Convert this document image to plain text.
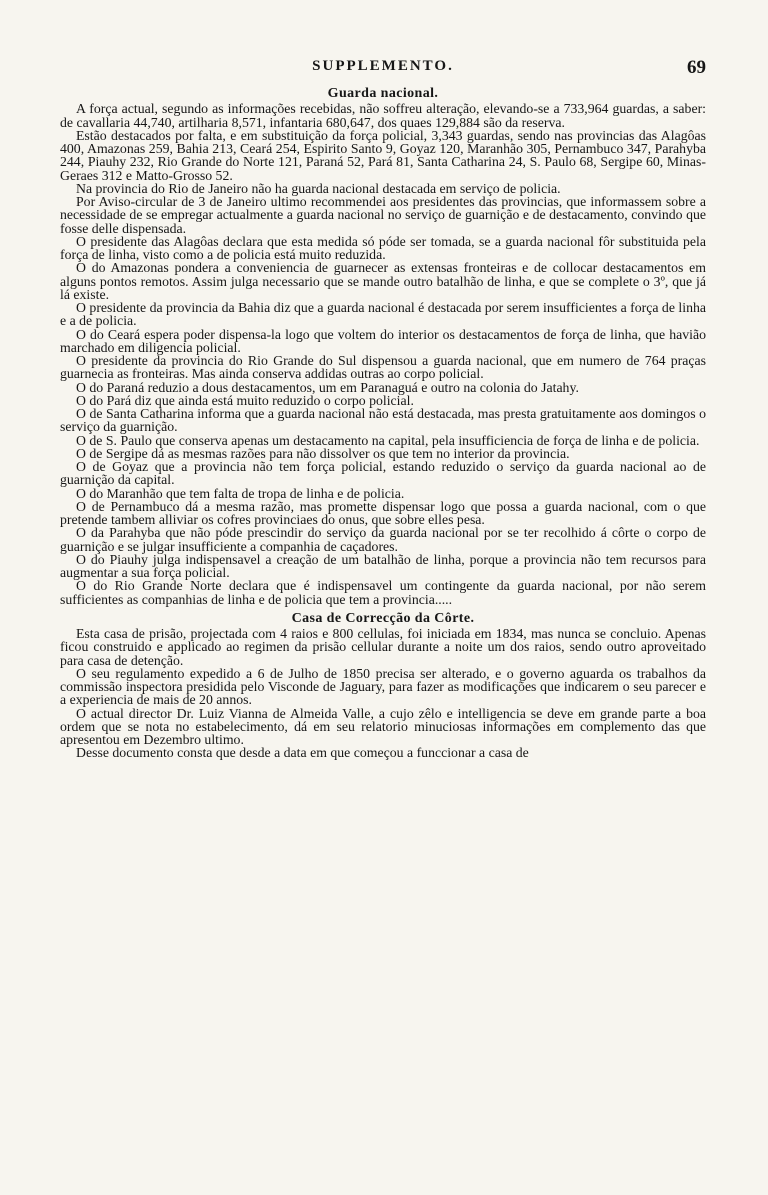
SUPPLEMENTO.	69
Guarda nacional.

A força actual, segundo as informações recebidas, não soffreu alteração, elevando-se a 733,964 guardas, a saber: de cavallaria 44,740, artilharia 8,571, infantaria 680,647, dos quaes 129,884 são da reserva.

Estão destacados por falta, e em substituição da força policial, 3,343 guardas, sendo nas provincias das Alagôas 400, Amazonas 259, Bahia 213, Ceará 254, Espirito Santo 9, Goyaz 120, Maranhão 305, Pernambuco 347, Parahyba 244, Piauhy 232, Rio Grande do Norte 121, Paraná 52, Pará 81, Santa Catharina 24, S. Paulo 68, Sergipe 60, Minas-Geraes 312 e Matto-Grosso 52.

Na provincia do Rio de Janeiro não ha guarda nacional destacada em serviço de policia.

Por Aviso-circular de 3 de Janeiro ultimo recommendei aos presidentes das provincias, que informassem sobre a necessidade de se empregar actualmente a guarda nacional no serviço de guarnição e de destacamento, convindo que fosse delle dispensada.

O presidente das Alagôas declara que esta medida só póde ser tomada, se a guarda nacional fôr substituida pela força de linha, visto como a de policia está muito reduzida.

O do Amazonas pondera a conveniencia de guarnecer as extensas fronteiras e de collocar destacamentos em alguns pontos remotos. Assim julga necessario que se mande outro batalhão de linha, e que se complete o 3º, que já lá existe.

O presidente da provincia da Bahia diz que a guarda nacional é destacada por serem insufficientes a força de linha e a de policia.

O do Ceará espera poder dispensa-la logo que voltem do interior os destacamentos de força de linha, que havião marchado em diligencia policial.

O presidente da provincia do Rio Grande do Sul dispensou a guarda nacional, que em numero de 764 praças guarnecia as fronteiras. Mas ainda conserva addidas outras ao corpo policial.

O do Paraná reduzio a dous destacamentos, um em Paranaguá e outro na colonia do Jatahy.

O do Pará diz que ainda está muito reduzido o corpo policial.

O de Santa Catharina informa que a guarda nacional não está destacada, mas presta gratuitamente aos domingos o serviço da guarnição.

O de S. Paulo que conserva apenas um destacamento na capital, pela insufficiencia de força de linha e de policia.

O de Sergipe dá as mesmas razões para não dissolver os que tem no interior da provincia.

O de Goyaz que a provincia não tem força policial, estando reduzido o serviço da guarda nacional ao de guarnição da capital.

O do Maranhão que tem falta de tropa de linha e de policia.

O de Pernambuco dá a mesma razão, mas promette dispensar logo que possa a guarda nacional, com o que pretende tambem alliviar os cofres provinciaes do onus, que sobre elles pesa.

O da Parahyba que não póde prescindir do serviço da guarda nacional por se ter recolhido á côrte o corpo de guarnição e se julgar insufficiente a companhia de caçadores.

O do Piauhy julga indispensavel a creação de um batalhão de linha, porque a provincia não tem recursos para augmentar a sua força policial.

O do Rio Grande Norte declara que é indispensavel um contingente da guarda nacional, por não serem sufficientes as companhias de linha e de policia que tem a provincia.....

Casa de Correcção da Côrte.

Esta casa de prisão, projectada com 4 raios e 800 cellulas, foi iniciada em 1834, mas nunca se concluio. Apenas ficou construido e applicado ao regimen da prisão cellular durante a noite um dos raios, sendo outro aproveitado para casa de detenção.

O seu regulamento expedido a 6 de Julho de 1850 precisa ser alterado, e o governo aguarda os trabalhos da commissão inspectora presidida pelo Visconde de Jaguary, para fazer as modificações que indicarem o seu parecer e a experiencia de mais de 20 annos.

O actual director Dr. Luiz Vianna de Almeida Valle, a cujo zêlo e intelligencia se deve em grande parte a boa ordem que se nota no estabelecimento, dá em seu relatorio minuciosas informações em complemento das que apresentou em Dezembro ultimo.

Desse documento consta que desde a data em que começou a funccionar a casa de
